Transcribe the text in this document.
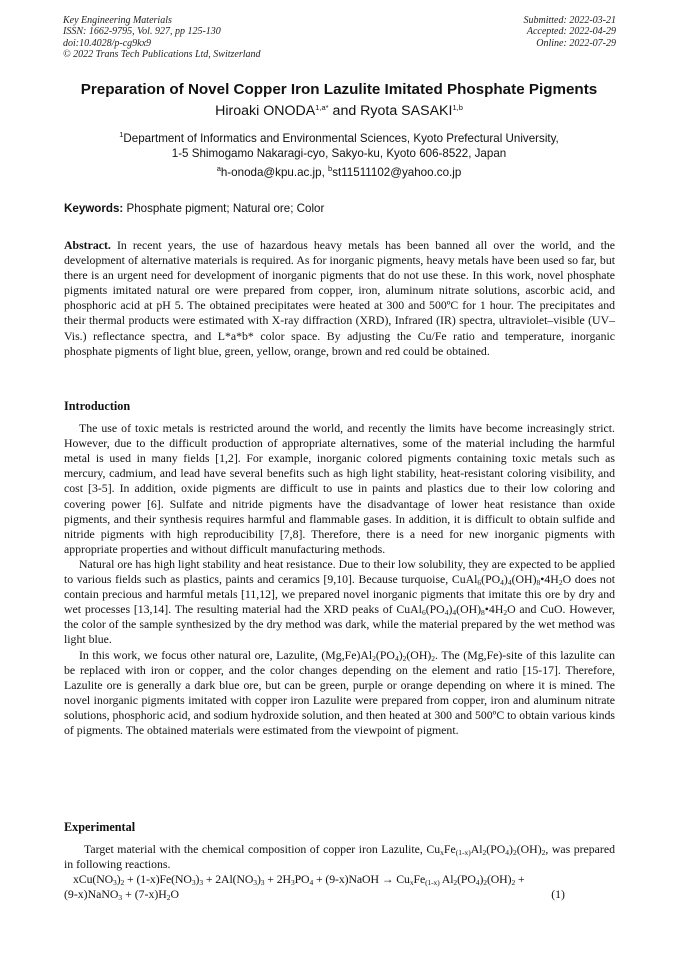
Key Engineering Materials
ISSN: 1662-9795, Vol. 927, pp 125-130
doi:10.4028/p-cg9kx9
© 2022 Trans Tech Publications Ltd, Switzerland
Submitted: 2022-03-21
Accepted: 2022-04-29
Online: 2022-07-29
Preparation of Novel Copper Iron Lazulite Imitated Phosphate Pigments
Hiroaki $ONODA^{1,a*}$ and Ryota SASAKI$^{1,b}$
$^1$Department of Informatics and Environmental Sciences, Kyoto Prefectural University,
1-5 Shimogamo Nakaragi-cyo, Sakyo-ku, Kyoto 606-8522, Japan
$^a$h-onoda@kpu.ac.jp, $^b$st11511102@yahoo.co.jp
Keywords: Phosphate pigment; Natural ore; Color

Abstract. In recent years, the use of hazardous heavy metals has been banned all over the world, and the development of alternative materials is required. As for inorganic pigments, heavy metals have been used so far, but there is an urgent need for development of inorganic pigments that do not use these. In this work, novel phosphate pigments imitated natural ore were prepared from copper, iron, aluminum nitrate solutions, ascorbic acid, and phosphoric acid at pH 5. The obtained precipitates were heated at 300 and 500ºC for 1 hour. The precipitates and their thermal products were estimated with X-ray diffraction (XRD), Infrared (IR) spectra, ultraviolet–visible (UV–Vis.) reflectance spectra, and L*a*b* color space. By adjusting the Cu/Fe ratio and temperature, inorganic phosphate pigments of light blue, green, yellow, orange, brown and red could be obtained.

Introduction

The use of toxic metals is restricted around the world, and recently the limits have become increasingly strict. However, due to the difficult production of appropriate alternatives, some of the material including the harmful metal is used in many fields [1,2]. For example, inorganic colored pigments containing toxic metals such as mercury, cadmium, and lead have several benefits such as high light stability, heat-resistant coloring visibility, and cost [3-5]. In addition, oxide pigments are difficult to use in paints and plastics due to their low coloring and covering power [6]. Sulfate and nitride pigments have the disadvantage of lower heat resistance than oxide pigments, and their synthesis requires harmful and flammable gases. In addition, it is difficult to obtain sulfide and nitride pigments with high reproducibility [7,8]. Therefore, there is a need for new inorganic pigments with appropriate properties and without difficult manufacturing methods.

Natural ore has high light stability and heat resistance. Due to their low solubility, they are expected to be applied to various fields such as plastics, paints and ceramics [9,10]. Because turquoise, $CuAl_6(PO_4)_4(OH)_8•4H_2O$ does not contain precious and harmful metals [11,12], we prepared novel inorganic pigments that imitate this ore by dry and wet processes [13,14]. The resulting material had the XRD peaks of $CuAl_6(PO_4)_4(OH)_8•4H_2O$ and CuO. However, the color of the sample synthesized by the dry method was dark, while the material prepared by the wet method was light blue.

In this work, we focus other natural ore, Lazulite, $(Mg,Fe)Al_2(PO_4)_2(OH)_2$. The (Mg,Fe)-site of this lazulite can be replaced with iron or copper, and the color changes depending on the element and ratio [15-17]. Therefore, Lazulite ore is generally a dark blue ore, but can be green, purple or orange depending on where it is mined. The novel inorganic pigments imitated with copper iron Lazulite were prepared from copper, iron and aluminum nitrate solutions, phosphoric acid, and sodium hydroxide solution, and then heated at 300 and 500ºC to obtain various kinds of pigments. The obtained materials were estimated from the viewpoint of pigment.

Experimental

Target material with the chemical composition of copper iron Lazulite, $Cu_xFe_{(1-x)}Al_2(PO_4)_2(OH)_2$, was prepared in following reactions.

$xCu(NO_3)_2 + (1-x)Fe(NO_3)_3 + 2Al(NO_3)_3 + 2H_3PO_4$ + (9-x)NaOH → $Cu_xFe_{(1-x)}$ $Al_2(PO_4)_2(OH)_2$ +
(9-x)NaNO$_3$ + $(7-x)H_2O$	(1)
